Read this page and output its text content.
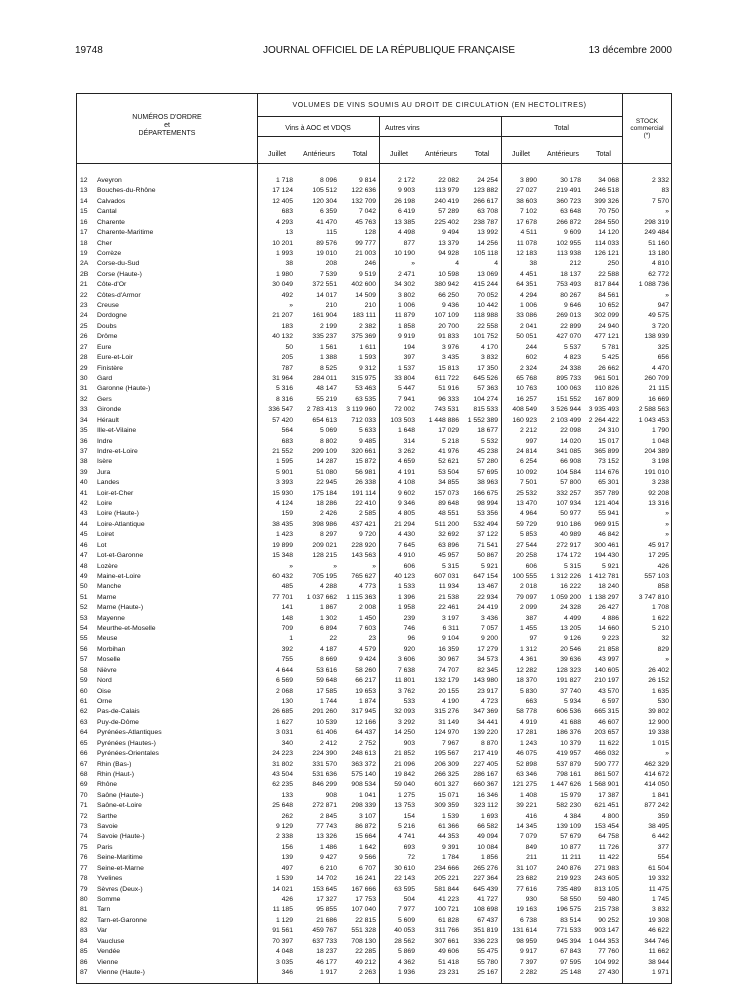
19748	JOURNAL OFFICIEL DE LA RÉPUBLIQUE FRANÇAISE	13 décembre 2000
NUMÉROS D'ORDRE
et
DÉPARTEMENTS
VOLUMES DE VINS SOUMIS AU DROIT DE CIRCULATION (EN HECTOLITRES)
Vins à AOC et VDQS	Autres vins	Total
STOCK
commercial
(*)
Juillet	Antérieurs	Total	Juillet	Antérieurs	Total	Juillet	Antérieurs	Total
12	Aveyron	1 718	8 096	9 814	2 172	22 082	24 254	3 890	30 178	34 068	2 332
13	Bouches-du-Rhône	17 124	105 512	122 636	9 903	113 979	123 882	27 027	219 491	246 518	83
14	Calvados	12 405	120 304	132 709	26 198	240 419	266 617	38 603	360 723	399 326	7 570
15	Cantal	683	6 359	7 042	6 419	57 289	63 708	7 102	63 648	70 750	»
16	Charente	4 293	41 470	45 763	13 385	225 402	238 787	17 678	266 872	284 550	298 319
17	Charente-Maritime	13	115	128	4 498	9 494	13 992	4 511	9 609	14 120	249 484
18	Cher	10 201	89 576	99 777	877	13 379	14 256	11 078	102 955	114 033	51 160
19	Corrèze	1 993	19 010	21 003	10 190	94 928	105 118	12 183	113 938	126 121	13 180
2A	Corse-du-Sud	38	208	246	»	4	4	38	212	250	4 810
2B	Corse (Haute-)	1 980	7 539	9 519	2 471	10 598	13 069	4 451	18 137	22 588	62 772
21	Côte-d'Or	30 049	372 551	402 600	34 302	380 942	415 244	64 351	753 493	817 844	1 088 736
22	Côtes-d'Armor	492	14 017	14 509	3 802	66 250	70 052	4 294	80 267	84 561	»
23	Creuse	»	210	210	1 006	9 436	10 442	1 006	9 646	10 652	947
24	Dordogne	21 207	161 904	183 111	11 879	107 109	118 988	33 086	269 013	302 099	49 575
25	Doubs	183	2 199	2 382	1 858	20 700	22 558	2 041	22 899	24 940	3 720
26	Drôme	40 132	335 237	375 369	9 919	91 833	101 752	50 051	427 070	477 121	138 939
27	Eure	50	1 561	1 611	194	3 976	4 170	244	5 537	5 781	325
28	Eure-et-Loir	205	1 388	1 593	397	3 435	3 832	602	4 823	5 425	656
29	Finistère	787	8 525	9 312	1 537	15 813	17 350	2 324	24 338	26 662	4 470
30	Gard	31 964	284 011	315 975	33 804	611 722	645 526	65 768	895 733	961 501	260 709
31	Garonne (Haute-)	5 316	48 147	53 463	5 447	51 916	57 363	10 763	100 063	110 826	21 115
32	Gers	8 316	55 219	63 535	7 941	96 333	104 274	16 257	151 552	167 809	16 669
33	Gironde	336 547	2 783 413	3 119 960	72 002	743 531	815 533	408 549	3 526 944	3 935 493	2 588 563
34	Hérault	57 420	654 613	712 033	103 503	1 448 886	1 552 389	160 923	2 103 499	2 264 422	1 043 453
35	Ille-et-Vilaine	564	5 069	5 633	1 648	17 029	18 677	2 212	22 098	24 310	1 790
36	Indre	683	8 802	9 485	314	5 218	5 532	997	14 020	15 017	1 048
37	Indre-et-Loire	21 552	299 109	320 661	3 262	41 976	45 238	24 814	341 085	365 899	204 389
38	Isère	1 595	14 287	15 872	4 659	52 621	57 280	6 254	66 908	73 152	3 198
39	Jura	5 901	51 080	56 981	4 191	53 504	57 695	10 092	104 584	114 676	191 010
40	Landes	3 393	22 945	26 338	4 108	34 855	38 963	7 501	57 800	65 301	3 238
41	Loir-et-Cher	15 930	175 184	191 114	9 602	157 073	166 675	25 532	332 257	357 789	92 208
42	Loire	4 124	18 286	22 410	9 346	89 648	98 994	13 470	107 934	121 404	13 316
43	Loire (Haute-)	159	2 426	2 585	4 805	48 551	53 356	4 964	50 977	55 941	»
44	Loire-Atlantique	38 435	398 986	437 421	21 294	511 200	532 494	59 729	910 186	969 915	»
45	Loiret	1 423	8 297	9 720	4 430	32 692	37 122	5 853	40 989	46 842	»
46	Lot	19 899	209 021	228 920	7 645	63 896	71 541	27 544	272 917	300 461	45 917
47	Lot-et-Garonne	15 348	128 215	143 563	4 910	45 957	50 867	20 258	174 172	194 430	17 295
48	Lozère	»	»	»	606	5 315	5 921	606	5 315	5 921	426
49	Maine-et-Loire	60 432	705 195	765 627	40 123	607 031	647 154	100 555	1 312 226	1 412 781	557 103
50	Manche	485	4 288	4 773	1 533	11 934	13 467	2 018	16 222	18 240	858
51	Marne	77 701	1 037 662	1 115 363	1 396	21 538	22 934	79 097	1 059 200	1 138 297	3 747 810
52	Marne (Haute-)	141	1 867	2 008	1 958	22 461	24 419	2 099	24 328	26 427	1 708
53	Mayenne	148	1 302	1 450	239	3 197	3 436	387	4 499	4 886	1 622
54	Meurthe-et-Moselle	709	6 894	7 603	746	6 311	7 057	1 455	13 205	14 660	5 210
55	Meuse	1	22	23	96	9 104	9 200	97	9 126	9 223	32
56	Morbihan	392	4 187	4 579	920	16 359	17 279	1 312	20 546	21 858	829
57	Moselle	755	8 669	9 424	3 606	30 967	34 573	4 361	39 636	43 997	»
58	Nièvre	4 644	53 616	58 260	7 638	74 707	82 345	12 282	128 323	140 605	26 402
59	Nord	6 569	59 648	66 217	11 801	132 179	143 980	18 370	191 827	210 197	26 152
60	Oise	2 068	17 585	19 653	3 762	20 155	23 917	5 830	37 740	43 570	1 635
61	Orne	130	1 744	1 874	533	4 190	4 723	663	5 934	6 597	530
62	Pas-de-Calais	26 685	291 260	317 945	32 093	315 276	347 369	58 778	606 536	665 315	39 802
63	Puy-de-Dôme	1 627	10 539	12 166	3 292	31 149	34 441	4 919	41 688	46 607	12 900
64	Pyrénées-Atlantiques	3 031	61 406	64 437	14 250	124 970	139 220	17 281	186 376	203 657	19 338
65	Pyrénées (Hautes-)	340	2 412	2 752	903	7 967	8 870	1 243	10 379	11 622	1 015
66	Pyrénées-Orientales	24 223	224 390	248 613	21 852	195 567	217 419	46 075	419 957	466 032	»
67	Rhin (Bas-)	31 802	331 570	363 372	21 096	206 309	227 405	52 898	537 879	590 777	462 329
68	Rhin (Haut-)	43 504	531 636	575 140	19 842	266 325	286 167	63 346	798 161	861 507	414 672
69	Rhône	62 235	846 299	908 534	59 040	601 327	660 367	121 275	1 447 626	1 568 901	414 050
70	Saône (Haute-)	133	908	1 041	1 275	15 071	16 346	1 408	15 979	17 387	1 841
71	Saône-et-Loire	25 648	272 871	298 339	13 753	309 359	323 112	39 221	582 230	621 451	877 242
72	Sarthe	262	2 845	3 107	154	1 539	1 693	416	4 384	4 800	359
73	Savoie	9 129	77 743	86 872	5 216	61 366	66 582	14 345	139 109	153 454	38 495
74	Savoie (Haute-)	2 338	13 326	15 664	4 741	44 353	49 094	7 079	57 679	64 758	6 442
75	Paris	156	1 486	1 642	693	9 391	10 084	849	10 877	11 726	377
76	Seine-Maritime	139	9 427	9 566	72	1 784	1 856	211	11 211	11 422	554
77	Seine-et-Marne	497	6 210	6 707	30 610	234 666	265 276	31 107	240 876	271 983	61 504
78	Yvelines	1 539	14 702	16 241	22 143	205 221	227 364	23 682	219 923	243 605	19 332
79	Sèvres (Deux-)	14 021	153 645	167 666	63 595	581 844	645 439	77 616	735 489	813 105	11 475
80	Somme	426	17 327	17 753	504	41 223	41 727	930	58 550	59 480	1 745
81	Tarn	11 185	95 855	107 040	7 977	100 721	108 698	19 163	196 575	215 738	3 832
82	Tarn-et-Garonne	1 129	21 686	22 815	5 609	61 828	67 437	6 738	83 514	90 252	19 308
83	Var	91 561	459 767	551 328	40 053	311 766	351 819	131 614	771 533	903 147	46 622
84	Vaucluse	70 397	637 733	708 130	28 562	307 661	336 223	98 959	945 394	1 044 353	344 746
85	Vendée	4 048	18 237	22 285	5 869	49 606	55 475	9 917	67 843	77 760	11 662
86	Vienne	3 035	46 177	49 212	4 362	51 418	55 780	7 397	97 595	104 992	38 944
87	Vienne (Haute-)	346	1 917	2 263	1 936	23 231	25 167	2 282	25 148	27 430	1 971
